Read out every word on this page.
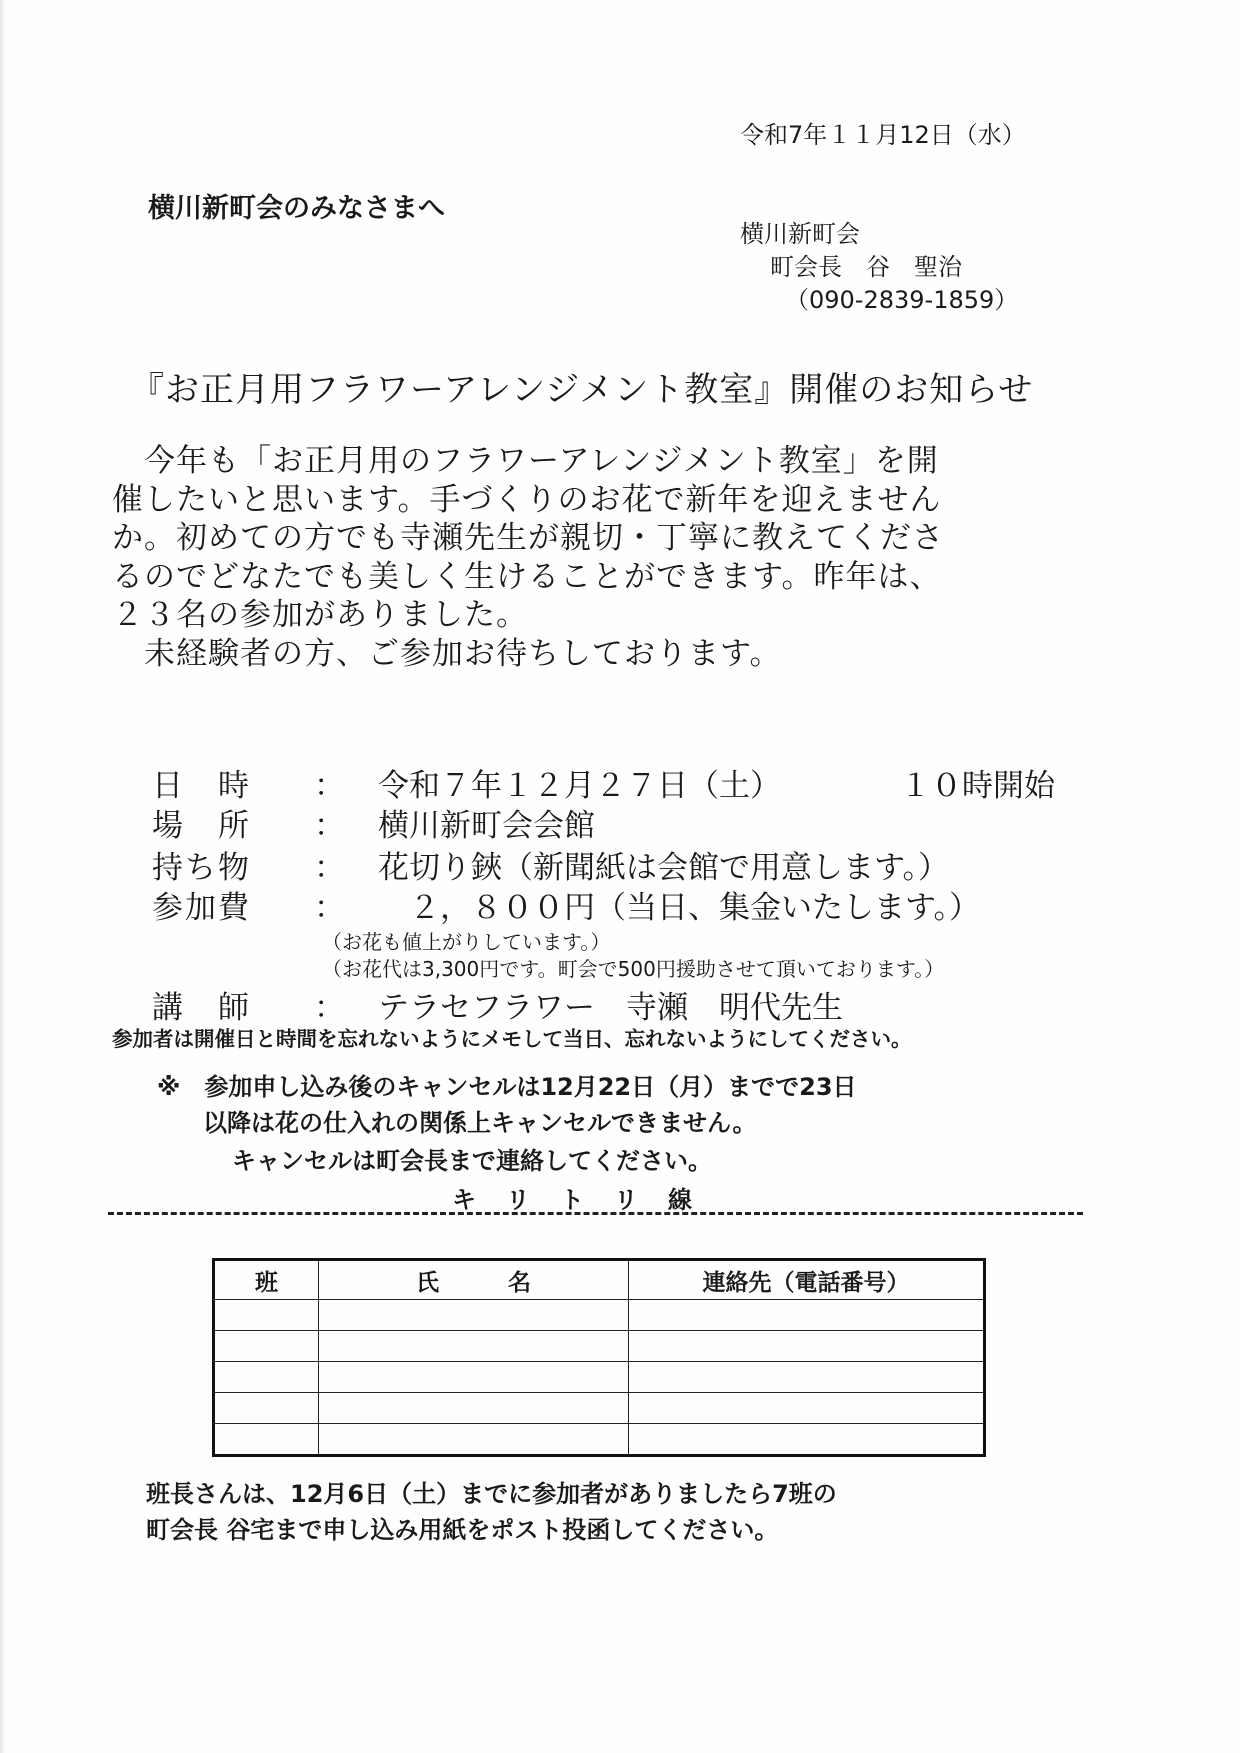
令和7年１１月12日（水）
横川新町会のみなさまへ
横川新町会
町会長　谷　聖治
（090-2839-1859）
『お正月用フラワーアレンジメント教室』開催のお知らせ

　今年も「お正月用のフラワーアレンジメント教室」を開

催したいと思います。手づくりのお花で新年を迎えません

か。初めての方でも寺瀬先生が親切・丁寧に教えてくださ

るのでどなたでも美しく生けることができます。昨年は、

２３名の参加がありました。

　未経験者の方、ご参加お待ちしております。

日　時 ： 令和７年１２月２７日（土）	１０時開始
場　所 ： 横川新町会会館
持ち物 ： 花切り鋏（新聞紙は会館で用意します。）
参加費 ： 　２，８００円（当日、集金いたします。）
（お花も値上がりしています。）
（お花代は3,300円です。町会で500円援助させて頂いております。）
講　師 ： テラセフラワー　寺瀬　明代先生
参加者は開催日と時間を忘れないようにメモして当日、忘れないようにしてください。
※　参加申し込み後のキャンセルは12月22日（月）までで23日
以降は花の仕入れの関係上キャンセルできません。
キャンセルは町会長まで連絡してください。
キリトリ線
班	氏　　　名	連絡先（電話番号）

班長さんは、12月6日（土）までに参加者がありましたら7班の
町会長 谷宅まで申し込み用紙をポスト投函してください。
